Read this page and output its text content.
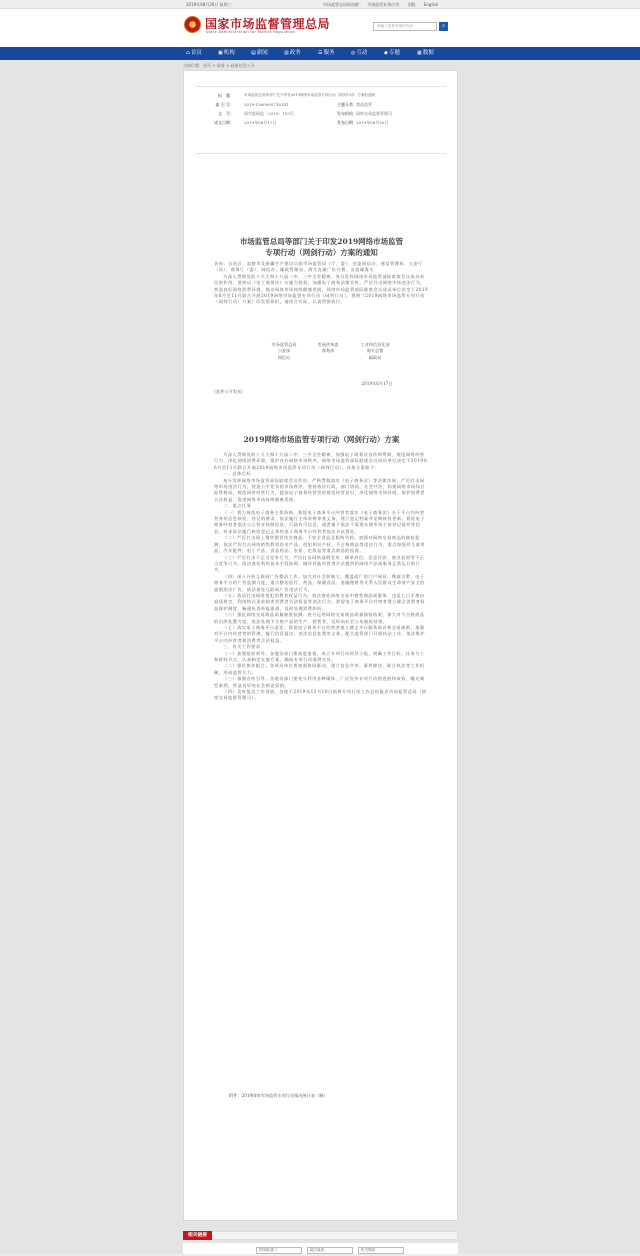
2019年08月26日 星期三	市场监管总局网站群 市场监管业务应用 旧版 English
国家市场监督管理总局
State Administration for Market Regulation
请输入您要查询的内容	⌕
⌂首页	▣机构	▤新闻	▥政务	☰服务	◎互动	◆专题	▦数据
当前位置：首页 > 政务 > 政府信息公开
标　题：	市场监管总局等部门关于印发2019网络市场监管专项行动（网剑行动）方案的通知
索 引 号：	2019-1560995716141	主题分类： 商品监管
文　号：	国市监网监〔2019〕119号	发布机构： 网络交易监督管理司
成文日期：	2019年06月17日	发布日期： 2019年06月20日
市场监管总局等部门关于印发2019网络市场监管
专项行动（网剑行动）方案的通知
各省、自治区、直辖市及新疆生产建设兵团市场监管局（厅、委）、党委网信办、通信管理局、公安厅（局）、商务厅（委）、网信办、邮政管理局、海关直属广东分署、各直属海关：
为深入贯彻党的十九大和十九届二中、三中全会精神，充分发挥网络市场监管部际联席会议成员单位的作用，坚持以《电子商务法》实施为契机，加强电子商务法律宣传，严厉打击网络市场违法行为，营造良好网络消费环境，推动网络市场持续健康发展，网络市场监管部际联席会议成员单位决定于2019年6月至11月联合开展2019网络市场监管专项行动（网剑行动）。现将《2019网络市场监管专项行动（网剑行动）方案》印发给你们，请结合实际，认真贯彻执行。
市场监管总局
公安部
网信办
发展改革委
商务部
工业和信息化部
海关总署
邮政局
2019年6月17日
（此件公开发布）
2019网络市场监管专项行动（网剑行动）方案
为深入贯彻党的十九大和十九届二中、三中全会精神，加强电子商务法宣传和贯彻，规范网络经营行为，净化网络消费环境，维护良好网络市场秩序，网络市场监管部际联席会议成员单位决定于2019年6月至11月联合开展2019网络市场监管专项行动（网剑行动）。具体方案如下：
一、总体目标
充分发挥网络市场监管部际联席会议作用，严格贯彻落实《电子商务法》等法律法规，严厉打击网络市场违法行为，营造公平竞争的市场秩序，坚持依法行政，部门协同，社会共治，构建网络市场综合监管格局，规范网络经营行为，提高电子商务经营者的规范经营意识，净化网络市场环境，保护消费者合法权益，促进网络市场持续健康发展。
二、重点任务
（一）着力规范电子商务主体资格。督促电子商务平台经营者落实《电子商务法》关于平台内经营者身份信息核验、登记的要求，依法履行主体资格审查义务，建立登记档案并定期核验更新；督促电子商务经营者依法公示营业执照信息、行政许可信息，或者属于依法不需要办理市场主体登记情形等信息。对未依法履行核验登记义务的电子商务平台经营者依法予以查处。
（二）严厉打击网上销售假冒伪劣商品、不安全食品及假药劣药。加强对网络交易商品的抽检监测，依法严厉打击网络销售假冒伪劣产品、侵犯知识产权、不合格商品等违法行为，重点加强对儿童用品、汽车配件、电子产品、食品药品、农资、化妆品等重点商品的检查。
（三）严厉打击不正当竞争行为。严厉打击网络虚假宣传、刷单炒信、恶意评价、商业诋毁等不正当竞争行为，依法查处利用技术手段妨碍、破坏其他经营者合法提供的网络产品或服务正常运行的行为。
（四）深入开展互联网广告整治工作。加大对社会影响大、覆盖面广的门户网站、搜索引擎、电子商务平台的广告监测力度，重点整治医疗、药品、保健食品、金融理财等关系人民群众生命财产安全的虚假违法广告，依法查处互联网广告违法行为。
（五）依法打击网络侵犯消费者权益行为。依法查处网络交易中搭售商品或服务、违反七日无理由退货规定、利用格式条款损害消费者合法权益等违法行为，督促电子商务平台经营者建立健全消费者权益保护制度，畅通投诉举报渠道，及时处理消费纠纷。
（六）强化网络交易商品质量抽查检测。充分运用网络交易商品质量抽检结果，加大对不合格商品的后续处置力度，依法处理不合格产品的生产、销售者，及时向社会公布抽检结果。
（七）落实电子商务平台责任。督促电子商务平台经营者建立健全平台服务协议和交易规则，加强对平台内经营者的管理，履行信息报送、违法信息处置等义务，配合监管部门开展执法工作，依法维护平台内经营者和消费者合法权益。
三、有关工作要求
（一）加强组织领导。各地各部门要高度重视，成立专项行动领导小组，明确工作目标、任务分工和时间节点，认真制定实施方案，确保专项行动落到实处。
（二）强化协作配合。各成员单位要加强协同联动，建立信息共享、案件移送、联合执法等工作机制，形成监管合力。
（三）加强宣传引导。各地各部门要充分利用各种媒体，广泛宣传专项行动的进展和成效，曝光典型案例，营造良好的社会舆论氛围。
（四）及时报送工作进展。各地于2019年12月10日前将专项行动工作总结报送市场监管总局（网络交易监督管理司）。
附件：2019网络市场监管专项行动情况统计表（略）
相关链接
国务院部门	地方政府	机关网站
